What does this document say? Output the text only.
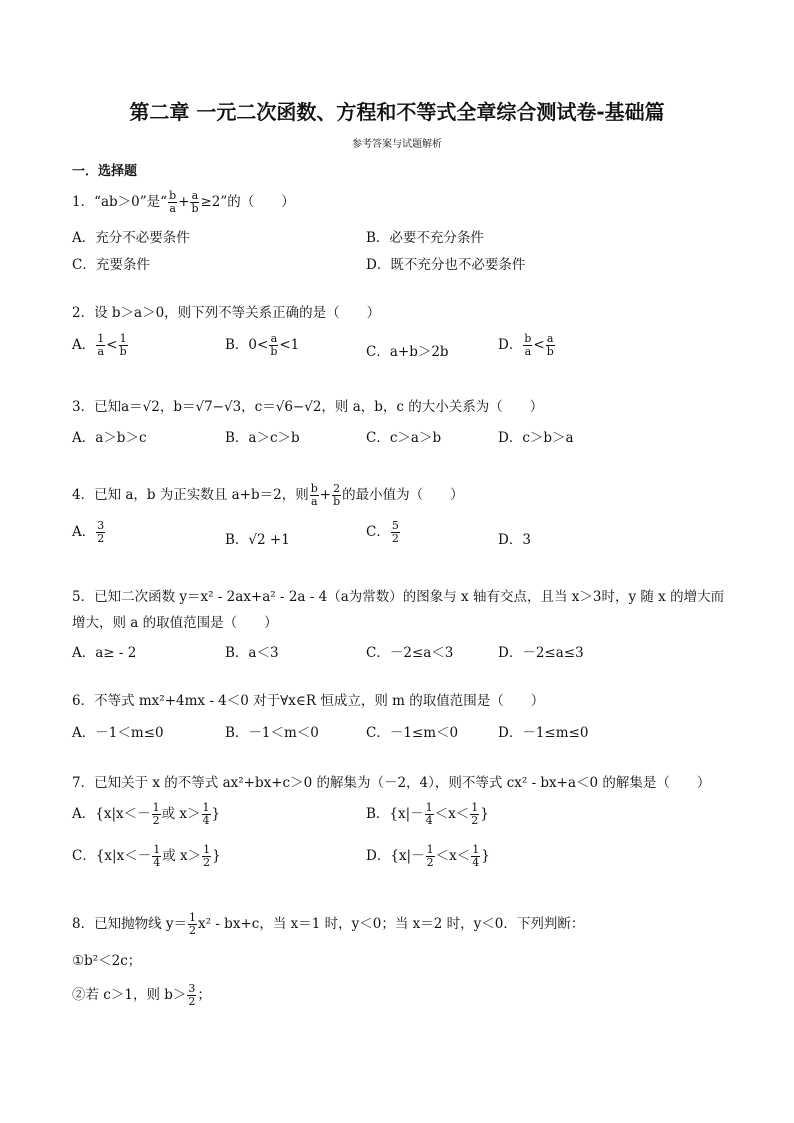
第二章 一元二次函数、方程和不等式全章综合测试卷-基础篇
参考答案与试题解析
一．选择题
1．“ab＞0”是“ $\frac{b}{a} + \frac{a}{b} \ge 2$”的（　　）
A．充分不必要条件	B．必要不充分条件
C．充要条件	D．既不充分也不必要条件
2．设 b＞a＞0，则下列不等关系正确的是（　　）
A． $\frac{1}{a} < \frac{1}{b}$	B．$0< \frac{a}{b} <1$	C．a+b＞2b	D． $\frac{b}{a} < \frac{a}{b}$
3．已知a＝√2，b＝√7−√3，c＝√6−√2，则 a，b，c 的大小关系为（　　）
A．a＞b＞c	B．a＞c＞b	C．c＞a＞b	D．c＞b＞a
4．已知 a，b 为正实数且 a+b＝2，则 $\frac{b}{a} + \frac{2}{b}$ 的最小值为（　　）
A． $\frac{3}{2}$	B．√2 +1	C． $\frac{5}{2}$	D．3
5．已知二次函数 y＝x² - 2ax+a² - 2a - 4（a为常数）的图象与 x 轴有交点，且当 x＞3时，y 随 x 的增大而
增大，则 a 的取值范围是（　　）
A．a≥ - 2	B．a＜3	C．－2≤a＜3	D．－2≤a≤3
6．不等式 mx²+4mx - 4＜0 对于∀x∈R 恒成立，则 m 的取值范围是（　　）
A．－1＜m≤0	B．－1＜m＜0	C．－1≤m＜0	D．－1≤m≤0
7．已知关于 x 的不等式 ax²+bx+c＞0 的解集为（－2，4），则不等式 cx² - bx+a＜0 的解集是（　　）
A．{$x|x<- \frac{1}{2}$ 或 $x> \frac{1}{4}$ }	B．{$x|- \frac{1}{4} <x< \frac{1}{2}$ }
C．{$x|x<- \frac{1}{4}$ 或 $x> \frac{1}{2}$ }	D．{$x|- \frac{1}{2} <x< \frac{1}{4}$ }
8．已知抛物线 $y= \frac{1}{2} x^2 - bx+c$，当 x＝1 时，y＜0；当 x＝2 时，y＜0．下列判断：
①b²＜2c；
②若 c＞1，则 $b> \frac{3}{2}$ ；
